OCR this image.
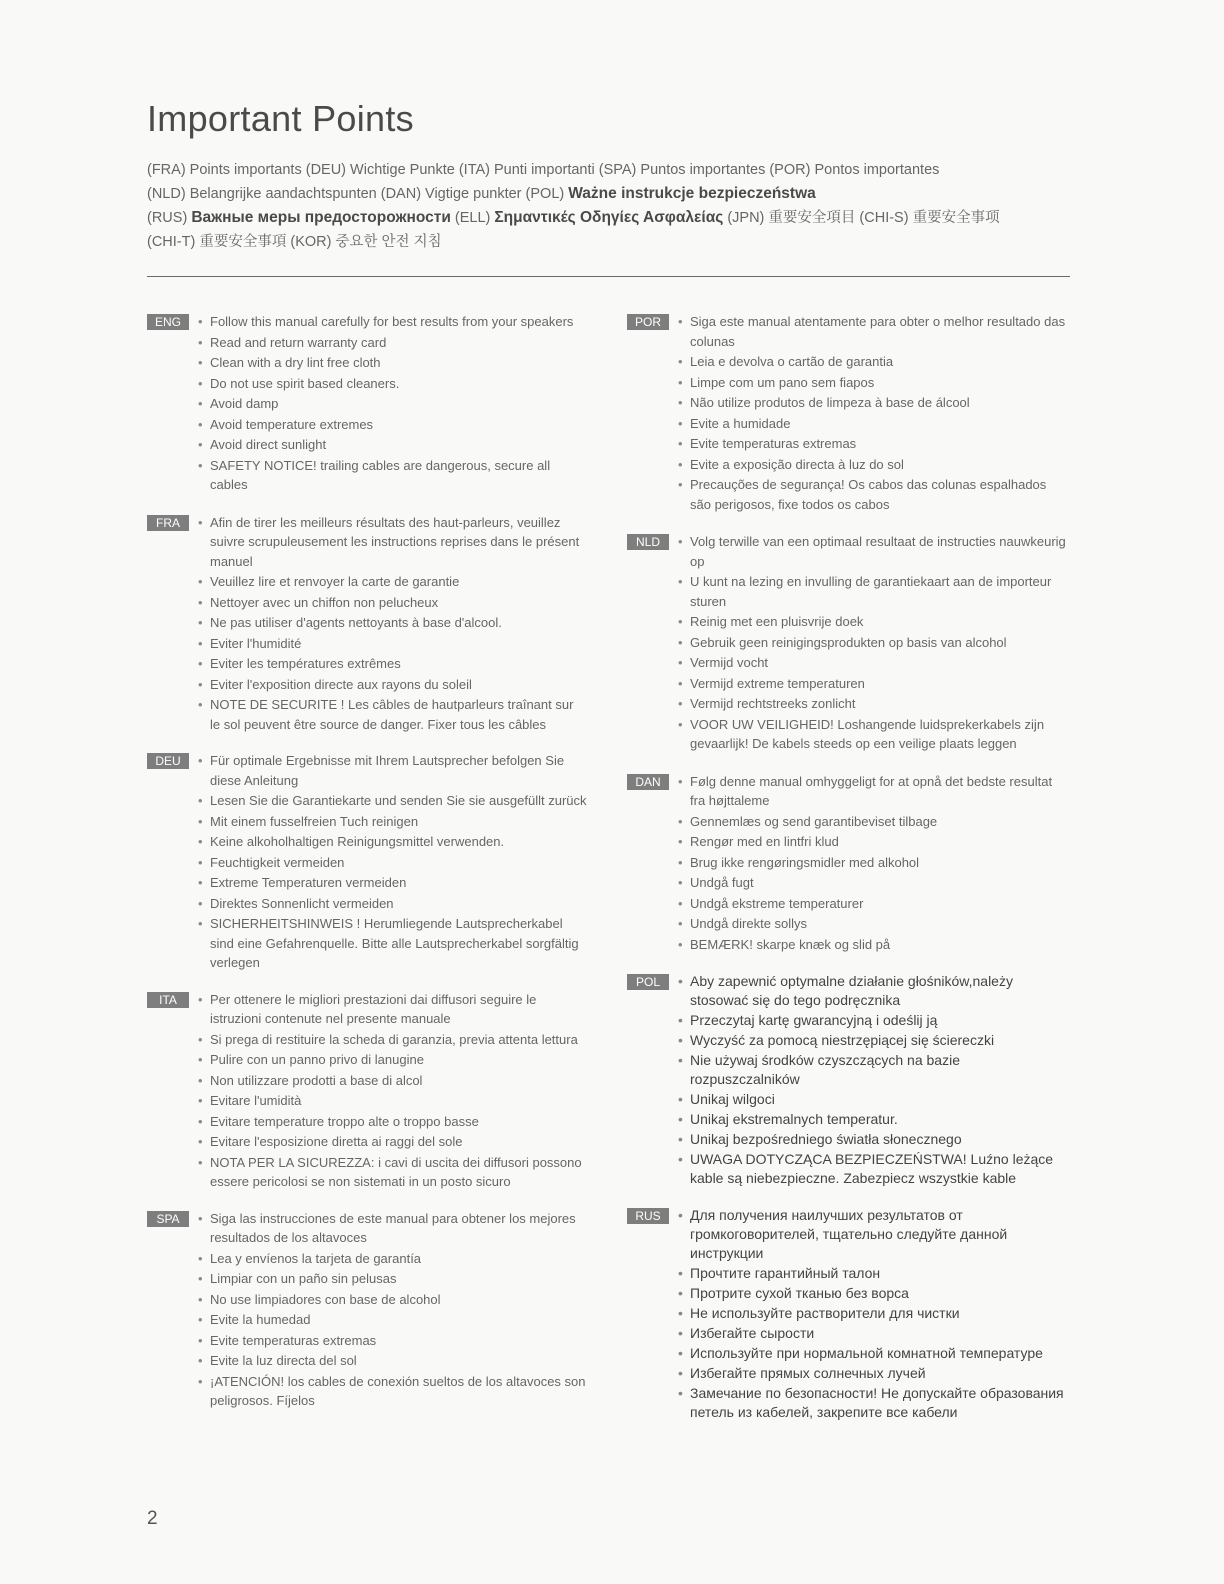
Important Points
(FRA) Points importants (DEU) Wichtige Punkte (ITA) Punti importanti (SPA) Puntos importantes (POR) Pontos importantes
(NLD) Belangrijke aandachtspunten (DAN) Vigtige punkter (POL) Ważne instrukcje bezpieczeństwa
(RUS) Важные меры предосторожности (ELL) Σημαντικές Οδηγίες Ασφαλείας (JPN) 重要安全項目 (CHI-S) 重要安全事项
(CHI-T) 重要安全事項 (KOR) 중요한 안전 지침
ENG	• Follow this manual carefully for best results from your speakers
• Read and return warranty card
• Clean with a dry lint free cloth
• Do not use spirit based cleaners.
• Avoid damp
• Avoid temperature extremes
• Avoid direct sunlight
• SAFETY NOTICE! trailing cables are dangerous, secure all cables
FRA	• Afin de tirer les meilleurs résultats des haut-parleurs, veuillez suivre scrupuleusement les instructions reprises dans le présent manuel
• Veuillez lire et renvoyer la carte de garantie
• Nettoyer avec un chiffon non pelucheux
• Ne pas utiliser d'agents nettoyants à base d'alcool.
• Eviter l'humidité
• Eviter les températures extrêmes
• Eviter l'exposition directe aux rayons du soleil
• NOTE DE SECURITE ! Les câbles de hautparleurs traînant sur le sol peuvent être source de danger. Fixer tous les câbles
DEU	• Für optimale Ergebnisse mit Ihrem Lautsprecher befolgen Sie diese Anleitung
• Lesen Sie die Garantiekarte und senden Sie sie ausgefüllt zurück
• Mit einem fusselfreien Tuch reinigen
• Keine alkoholhaltigen Reinigungsmittel verwenden.
• Feuchtigkeit vermeiden
• Extreme Temperaturen vermeiden
• Direktes Sonnenlicht vermeiden
• SICHERHEITSHINWEIS ! Herumliegende Lautsprecherkabel sind eine Gefahrenquelle. Bitte alle Lautsprecherkabel sorgfältig verlegen
ITA	• Per ottenere le migliori prestazioni dai diffusori seguire le istruzioni contenute nel presente manuale
• Si prega di restituire la scheda di garanzia, previa attenta lettura
• Pulire con un panno privo di lanugine
• Non utilizzare prodotti a base di alcol
• Evitare l'umidità
• Evitare temperature troppo alte o troppo basse
• Evitare l'esposizione diretta ai raggi del sole
• NOTA PER LA SICUREZZA: i cavi di uscita dei diffusori possono essere pericolosi se non sistemati in un posto sicuro
SPA	• Siga las instrucciones de este manual para obtener los mejores resultados de los altavoces
• Lea y envíenos la tarjeta de garantía
• Limpiar con un paño sin pelusas
• No use limpiadores con base de alcohol
• Evite la humedad
• Evite temperaturas extremas
• Evite la luz directa del sol
• ¡ATENCIÓN! los cables de conexión sueltos de los altavoces son peligrosos. Fíjelos
POR	• Siga este manual atentamente para obter o melhor resultado das colunas
• Leia e devolva o cartão de garantia
• Limpe com um pano sem fiapos
• Não utilize produtos de limpeza à base de álcool
• Evite a humidade
• Evite temperaturas extremas
• Evite a exposição directa à luz do sol
• Precauções de segurança! Os cabos das colunas espalhados são perigosos, fixe todos os cabos
NLD	• Volg terwille van een optimaal resultaat de instructies nauwkeurig op
• U kunt na lezing en invulling de garantiekaart aan de importeur sturen
• Reinig met een pluisvrije doek
• Gebruik geen reinigingsprodukten op basis van alcohol
• Vermijd vocht
• Vermijd extreme temperaturen
• Vermijd rechtstreeks zonlicht
• VOOR UW VEILIGHEID! Loshangende luidsprekerkabels zijn gevaarlijk! De kabels steeds op een veilige plaats leggen
DAN	• Følg denne manual omhyggeligt for at opnå det bedste resultat fra højttaleme
• Gennemlæs og send garantibeviset tilbage
• Rengør med en lintfri klud
• Brug ikke rengøringsmidler med alkohol
• Undgå fugt
• Undgå ekstreme temperaturer
• Undgå direkte sollys
• BEMÆRK! skarpe knæk og slid på
POL	• Aby zapewnić optymalne działanie głośników,należy stosować się do tego podręcznika
• Przeczytaj kartę gwarancyjną i odeślij ją
• Wyczyść za pomocą niestrzępiącej się ściereczki
• Nie używaj środków czyszczących na bazie rozpuszczalników
• Unikaj wilgoci
• Unikaj ekstremalnych temperatur.
• Unikaj bezpośredniego światła słonecznego
• UWAGA DOTYCZĄCA BEZPIECZEŃSTWA! Luźno leżące kable są niebezpieczne. Zabezpiecz wszystkie kable
RUS	• Для получения наилучших результатов от громкоговорителей, тщательно следуйте данной инструкции
• Прочтите гарантийный талон
• Протрите сухой тканью без ворса
• Не используйте растворители для чистки
• Избегайте сырости
• Используйте при нормальной комнатной температуре
• Избегайте прямых солнечных лучей
• Замечание по безопасности! Не допускайте образования петель из кабелей, закрепите все кабели
2
